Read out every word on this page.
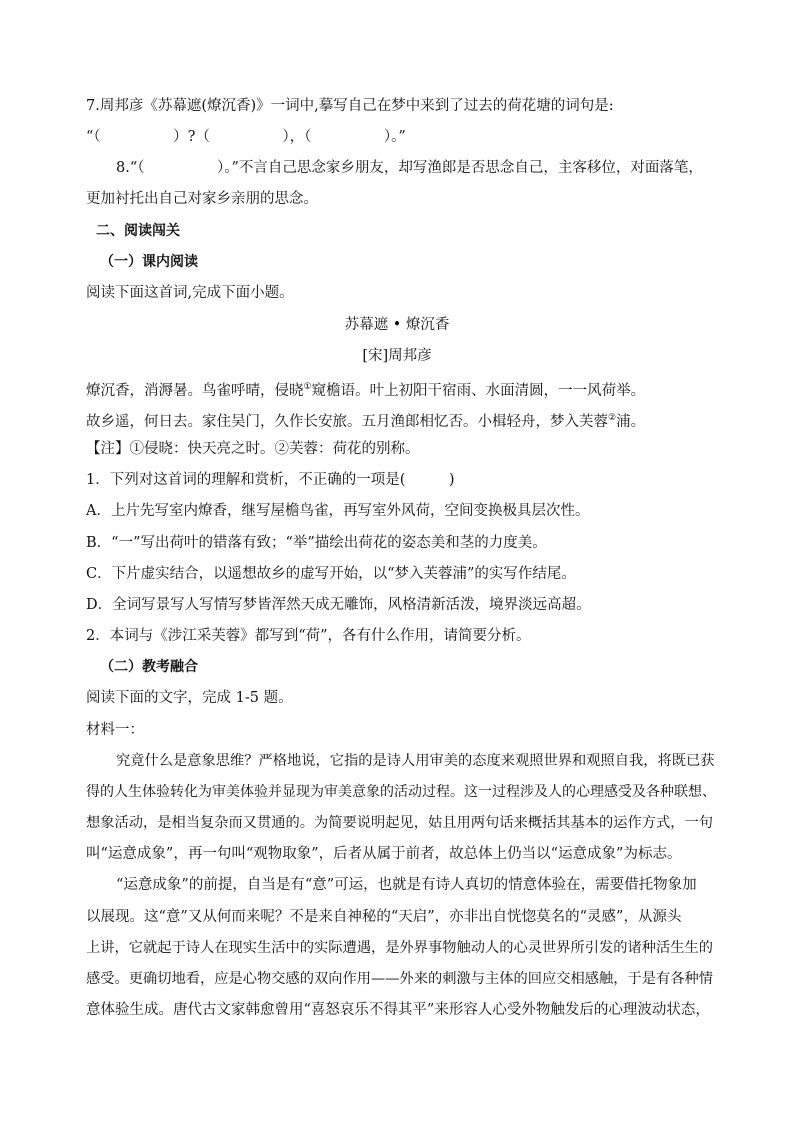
7.周邦彦《苏幕遮(燎沉香)》一词中,摹写自己在梦中来到了过去的荷花塘的词句是:
“（　　　　　）?（　　　　　），（　　　　　）。”
8.“（　　　　　）。”不言自己思念家乡朋友，却写渔郎是否思念自己，主客移位，对面落笔，
更加衬托出自己对家乡亲朋的思念。
二、阅读闯关
（一）课内阅读
阅读下面这首词,完成下面小题。
苏幕遮 • 燎沉香
[宋]周邦彦
燎沉香，消溽暑。鸟雀呼晴，侵晓①窥檐语。叶上初阳干宿雨、水面清圆，一一风荷举。
故乡遥，何日去。家住吴门，久作长安旅。五月渔郎相忆否。小楫轻舟，梦入芙蓉②浦。
【注】①侵晓：快天亮之时。②芙蓉：荷花的别称。
1．下列对这首词的理解和赏析，不正确的一项是(　　　)
A．上片先写室内燎香，继写屋檐鸟雀，再写室外风荷，空间变换极具层次性。
B．“一”写出荷叶的错落有致；“举”描绘出荷花的姿态美和茎的力度美。
C．下片虚实结合，以遥想故乡的虚写开始，以“梦入芙蓉浦”的实写作结尾。
D．全词写景写人写情写梦皆浑然天成无雕饰，风格清新活泼，境界淡远高超。
2．本词与《涉江采芙蓉》都写到“荷”，各有什么作用，请简要分析。
（二）教考融合
阅读下面的文字，完成 1-5 题。
材料一：
究竟什么是意象思维？严格地说，它指的是诗人用审美的态度来观照世界和观照自我，将既已获
得的人生体验转化为审美体验并显现为审美意象的活动过程。这一过程涉及人的心理感受及各种联想、
想象活动，是相当复杂而又贯通的。为简要说明起见，姑且用两句话来概括其基本的运作方式，一句
叫“运意成象”，再一句叫“观物取象”，后者从属于前者，故总体上仍当以“运意成象”为标志。
“运意成象”的前提，自当是有“意”可运，也就是有诗人真切的情意体验在，需要借托物象加
以展现。这“意”又从何而来呢？不是来自神秘的“天启”，亦非出自恍惚莫名的“灵感”，从源头
上讲，它就起于诗人在现实生活中的实际遭遇，是外界事物触动人的心灵世界所引发的诸种活生生的
感受。更确切地看，应是心物交感的双向作用——外来的刺激与主体的回应交相感触，于是有各种情
意体验生成。唐代古文家韩愈曾用“喜怒哀乐不得其平”来形容人心受外物触发后的心理波动状态，
